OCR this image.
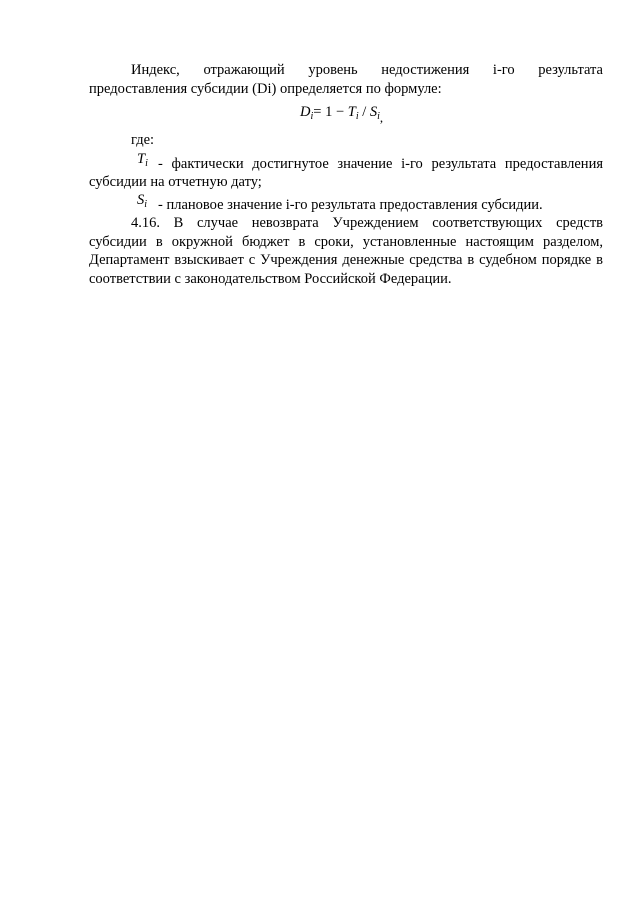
Индекс, отражающий уровень недостижения i-го результата

предоставления субсидии (Di) определяется по формуле:

$D_i= 1 - T_i / S_i$,
где:
$T_i$ - фактически достигнутое значение i-го результата предоставления

субсидии на отчетную дату;

$S_i$ - плановое значение i-го результата предоставления субсидии.

4.16. В случае невозврата Учреждением соответствующих средств субсидии в окружной бюджет в сроки, установленные настоящим разделом, Департамент взыскивает с Учреждения денежные средства в судебном порядке в соответствии с законодательством Российской Федерации.
